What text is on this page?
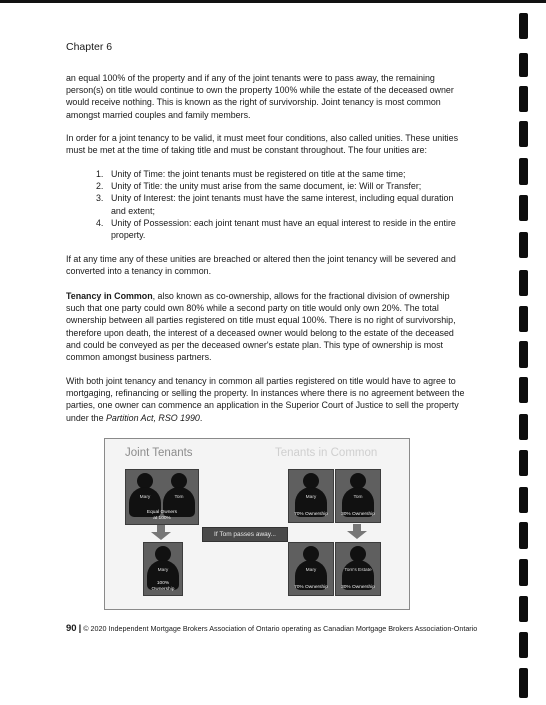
Chapter 6
an equal 100% of the property and if any of the joint tenants were to pass away, the remaining person(s) on title would continue to own the property 100% while the estate of the deceased owner would receive nothing. This is known as the right of survivorship. Joint tenancy is most common amongst married couples and family members.
In order for a joint tenancy to be valid, it must meet four conditions, also called unities. These unities must be met at the time of taking title and must be constant throughout. The four unities are:
1. Unity of Time: the joint tenants must be registered on title at the same time;
2. Unity of Title: the unity must arise from the same document, ie: Will or Transfer;
3. Unity of Interest: the joint tenants must have the same interest, including equal duration and extent;
4. Unity of Possession: each joint tenant must have an equal interest to reside in the entire property.
If at any time any of these unities are breached or altered then the joint tenancy will be severed and converted into a tenancy in common.
Tenancy in Common, also known as co-ownership, allows for the fractional division of ownership such that one party could own 80% while a second party on title would only own 20%. The total ownership between all parties registered on title must equal 100%. There is no right of survivorship, therefore upon death, the interest of a deceased owner would belong to the estate of the deceased and could be conveyed as per the deceased owner's estate plan. This type of ownership is most common amongst business partners.
With both joint tenancy and tenancy in common all parties registered on title would have to agree to mortgaging, refinancing or selling the property. In instances where there is no agreement between the parties, one owner can commence an application in the Superior Court of Justice to sell the property under the Partition Act, RSO 1990.
Joint Tenants	Tenants in Common
Mary	Tom
Equal Owners at 100%
Mary
100% Ownership
If Tom passes away...
Mary
70% Ownership
Tom
30% Ownership
Mary
70% Ownership
Tom's Estate
30% Ownership
90 | © 2020 Independent Mortgage Brokers Association of Ontario operating as Canadian Mortgage Brokers Association-Ontario
